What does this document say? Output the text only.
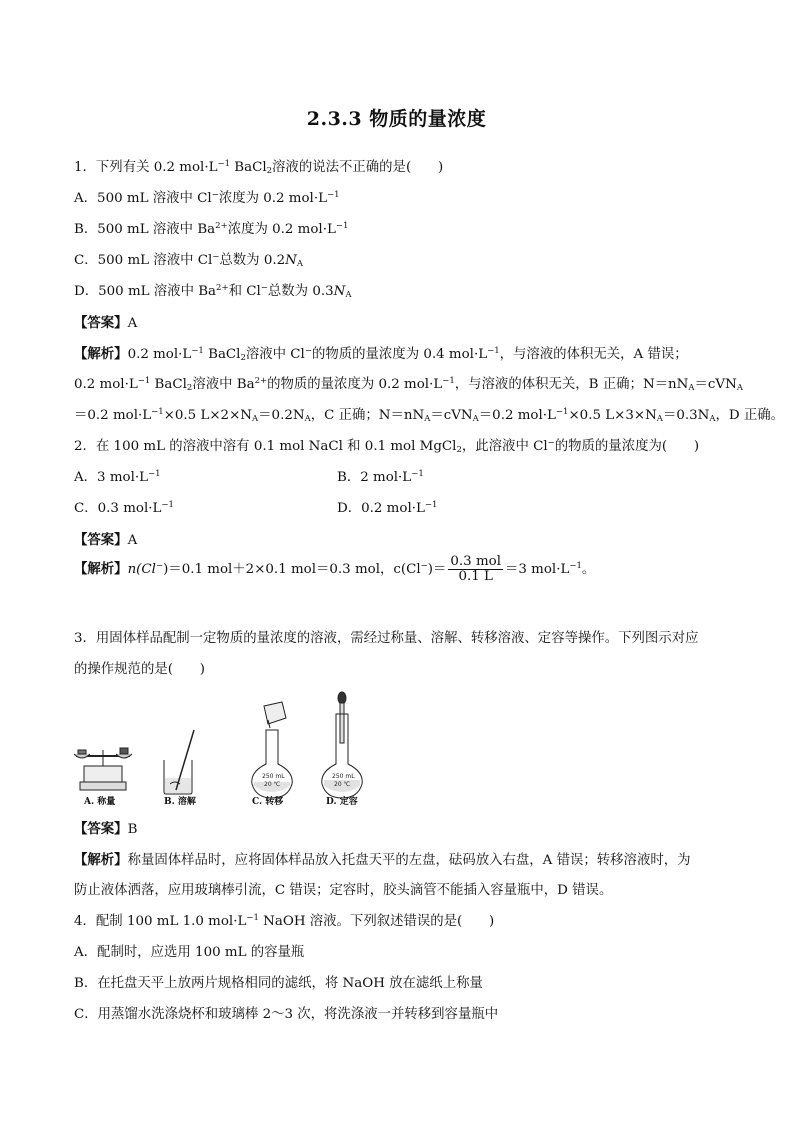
2.3.3 物质的量浓度
1．下列有关 0.2 $mol\cdot L^{-1}$ BaCl$_2$溶液的说法不正确的是(　　)
A．500 mL 溶液中 Cl−浓度为 0.2 $mol\cdot L^{-1}$
B．500 mL 溶液中 $Ba^{2+}$浓度为 0.2 $mol\cdot L^{-1}$
C．500 mL 溶液中 Cl−总数为 $0.2N_A$
D．500 mL 溶液中 $Ba^{2+}$和 Cl−总数为 $0.3N_A$
【答案】A
【解析】0.2 $mol\cdot L^{-1}$ BaCl$_2$溶液中 Cl−的物质的量浓度为 0.4 $mol\cdot L^{-1}$，与溶液的体积无关，A 错误；
0.2 $mol\cdot L^{-1}$ BaCl$_2$溶液中 $Ba^{2+}$的物质的量浓度为 0.2 $mol\cdot L^{-1}$，与溶液的体积无关，B 正确；$N=nN_A=cVN_A$
＝0.2 $mol\cdot L^{-1}\times 0.5$ $L\times 2\times N_A=0.2N_A$，C 正确；$N=nN_A=cVN_A=0.2$ $mol\cdot L^{-1}\times 0.5$ $L\times 3\times N_A=0.3N_A$，D 正确。
2．在 100 mL 的溶液中溶有 0.1 mol NaCl 和 0.1 mol MgCl$_2$，此溶液中 Cl−的物质的量浓度为(　　)
A．3 $mol\cdot L^{-1}$	B．2 $mol\cdot L^{-1}$
C．0.3 $mol\cdot L^{-1}$	D．0.2 $mol\cdot L^{-1}$
【答案】A
【解析】n(Cl−)＝0.1 mol＋2×0.1 mol＝0.3 mol，$c(Cl^-)= \frac{\text{0.3 mol}}{0.1 L} =3$ $mol\cdot L^{-1}$。
3．用固体样品配制一定物质的量浓度的溶液，需经过称量、溶解、转移溶液、定容等操作。下列图示对应
的操作规范的是(　　)
250 mL
20 ℃
250 mL
20 ℃
A. 称量	B. 溶解	C. 转移	D. 定容
【答案】B
【解析】称量固体样品时，应将固体样品放入托盘天平的左盘，砝码放入右盘，A 错误；转移溶液时，为
防止液体洒落，应用玻璃棒引流，C 错误；定容时，胶头滴管不能插入容量瓶中，D 错误。
4．配制 100 mL 1.0 $mol\cdot L^{-1}$ NaOH 溶液。下列叙述错误的是(　　)
A．配制时，应选用 100 mL 的容量瓶
B．在托盘天平上放两片规格相同的滤纸，将 NaOH 放在滤纸上称量
C．用蒸馏水洗涤烧杯和玻璃棒 2～3 次，将洗涤液一并转移到容量瓶中
